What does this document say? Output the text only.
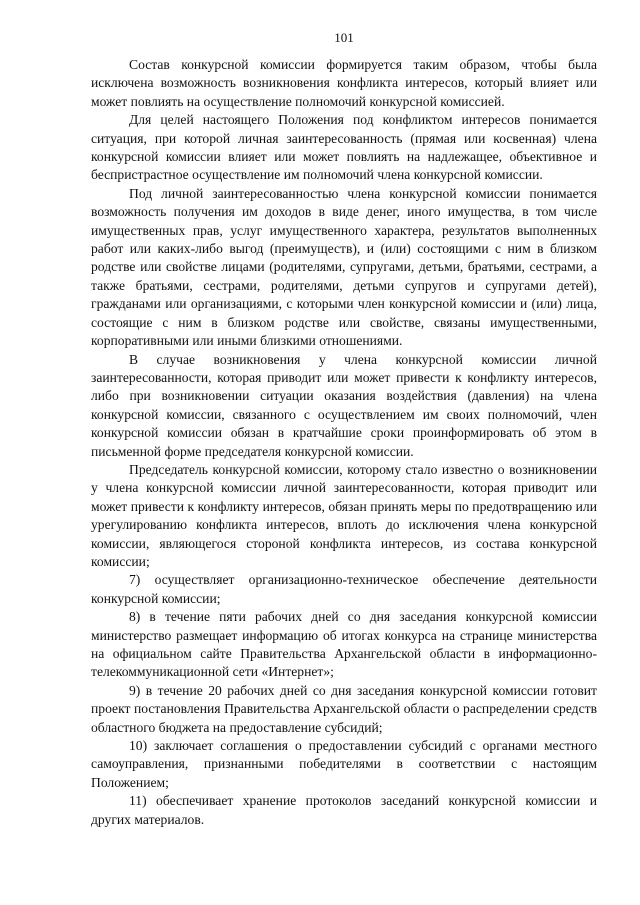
101

Состав конкурсной комиссии формируется таким образом, чтобы была исключена возможность возникновения конфликта интересов, который влияет или может повлиять на осуществление полномочий конкурсной комиссией.

Для целей настоящего Положения под конфликтом интересов понимается ситуация, при которой личная заинтересованность (прямая или косвенная) члена конкурсной комиссии влияет или может повлиять на надлежащее, объективное и беспристрастное осуществление им полномочий члена конкурсной комиссии.

Под личной заинтересованностью члена конкурсной комиссии понимается возможность получения им доходов в виде денег, иного имущества, в том числе имущественных прав, услуг имущественного характера, результатов выполненных работ или каких-либо выгод (преимуществ), и (или) состоящими с ним в близком родстве или свойстве лицами (родителями, супругами, детьми, братьями, сестрами, а также братьями, сестрами, родителями, детьми супругов и супругами детей), гражданами или организациями, с которыми член конкурсной комиссии и (или) лица, состоящие с ним в близком родстве или свойстве, связаны имущественными, корпоративными или иными близкими отношениями.

В случае возникновения у члена конкурсной комиссии личной заинтересованности, которая приводит или может привести к конфликту интересов, либо при возникновении ситуации оказания воздействия (давления) на члена конкурсной комиссии, связанного с осуществлением им своих полномочий, член конкурсной комиссии обязан в кратчайшие сроки проинформировать об этом в письменной форме председателя конкурсной комиссии.

Председатель конкурсной комиссии, которому стало известно о возникновении у члена конкурсной комиссии личной заинтересованности, которая приводит или может привести к конфликту интересов, обязан принять меры по предотвращению или урегулированию конфликта интересов, вплоть до исключения члена конкурсной комиссии, являющегося стороной конфликта интересов, из состава конкурсной комиссии;

7) осуществляет организационно-техническое обеспечение деятельности конкурсной комиссии;

8) в течение пяти рабочих дней со дня заседания конкурсной комиссии министерство размещает информацию об итогах конкурса на странице министерства на официальном сайте Правительства Архангельской области в информационно-телекоммуникационной сети «Интернет»;

9) в течение 20 рабочих дней со дня заседания конкурсной комиссии готовит проект постановления Правительства Архангельской области о распределении средств областного бюджета на предоставление субсидий;

10) заключает соглашения о предоставлении субсидий с органами местного самоуправления, признанными победителями в соответствии с настоящим Положением;

11) обеспечивает хранение протоколов заседаний конкурсной комиссии и других материалов.
